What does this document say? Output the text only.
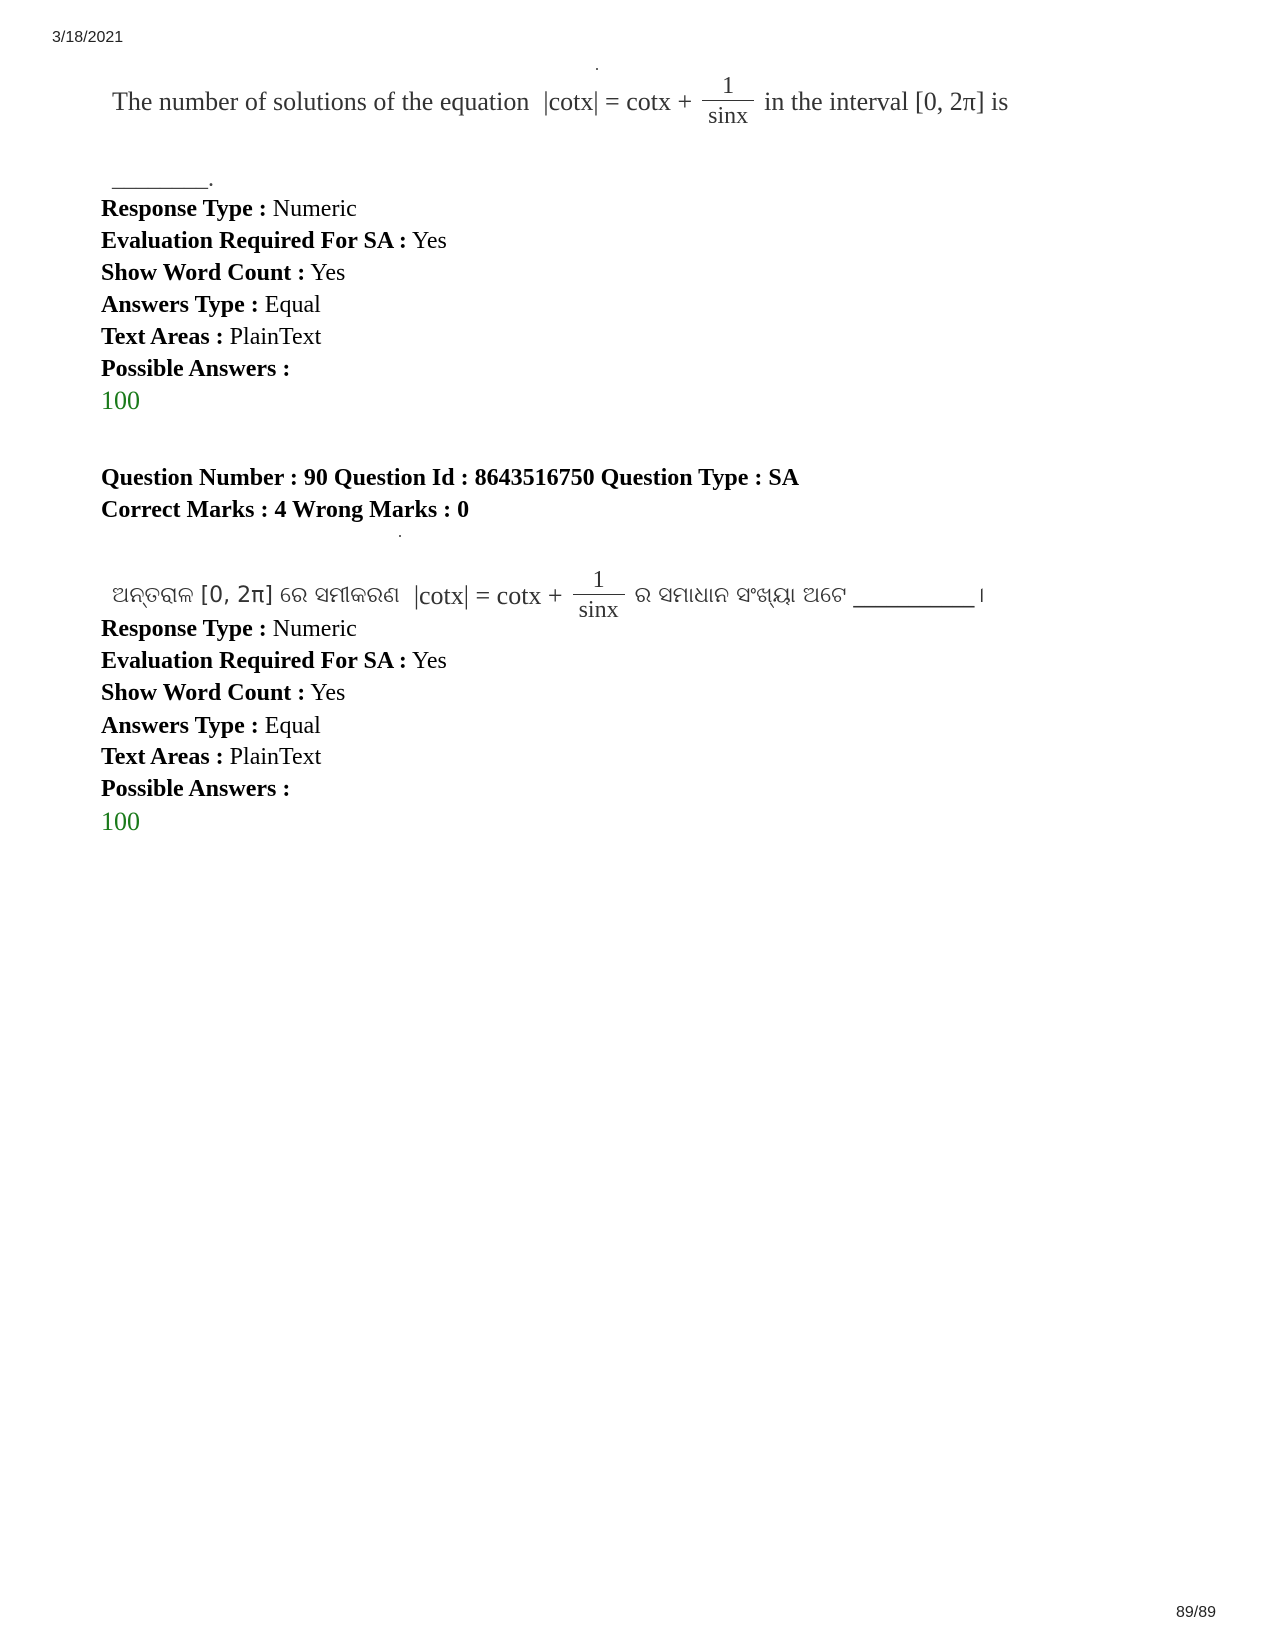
3/18/2021
The number of solutions of the equation $|\cot x| = \cot x + \frac{1}{\sin x}$ in the interval [0, 2π] is
________.
Response Type : Numeric
Evaluation Required For SA : Yes
Show Word Count : Yes
Answers Type : Equal
Text Areas : PlainText
Possible Answers :
100
Question Number : 90 Question Id : 8643516750 Question Type : SA
Correct Marks : 4 Wrong Marks : 0
ଅନ୍ତରାଳ [0, 2π] ରେ ସମୀକରଣ $|\cot x| = \cot x + \frac{1}{\sin x}$ ର ସମାଧାନ ସଂଖ୍ୟା ଅଟେ ___________।
Response Type : Numeric
Evaluation Required For SA : Yes
Show Word Count : Yes
Answers Type : Equal
Text Areas : PlainText
Possible Answers :
100
89/89
